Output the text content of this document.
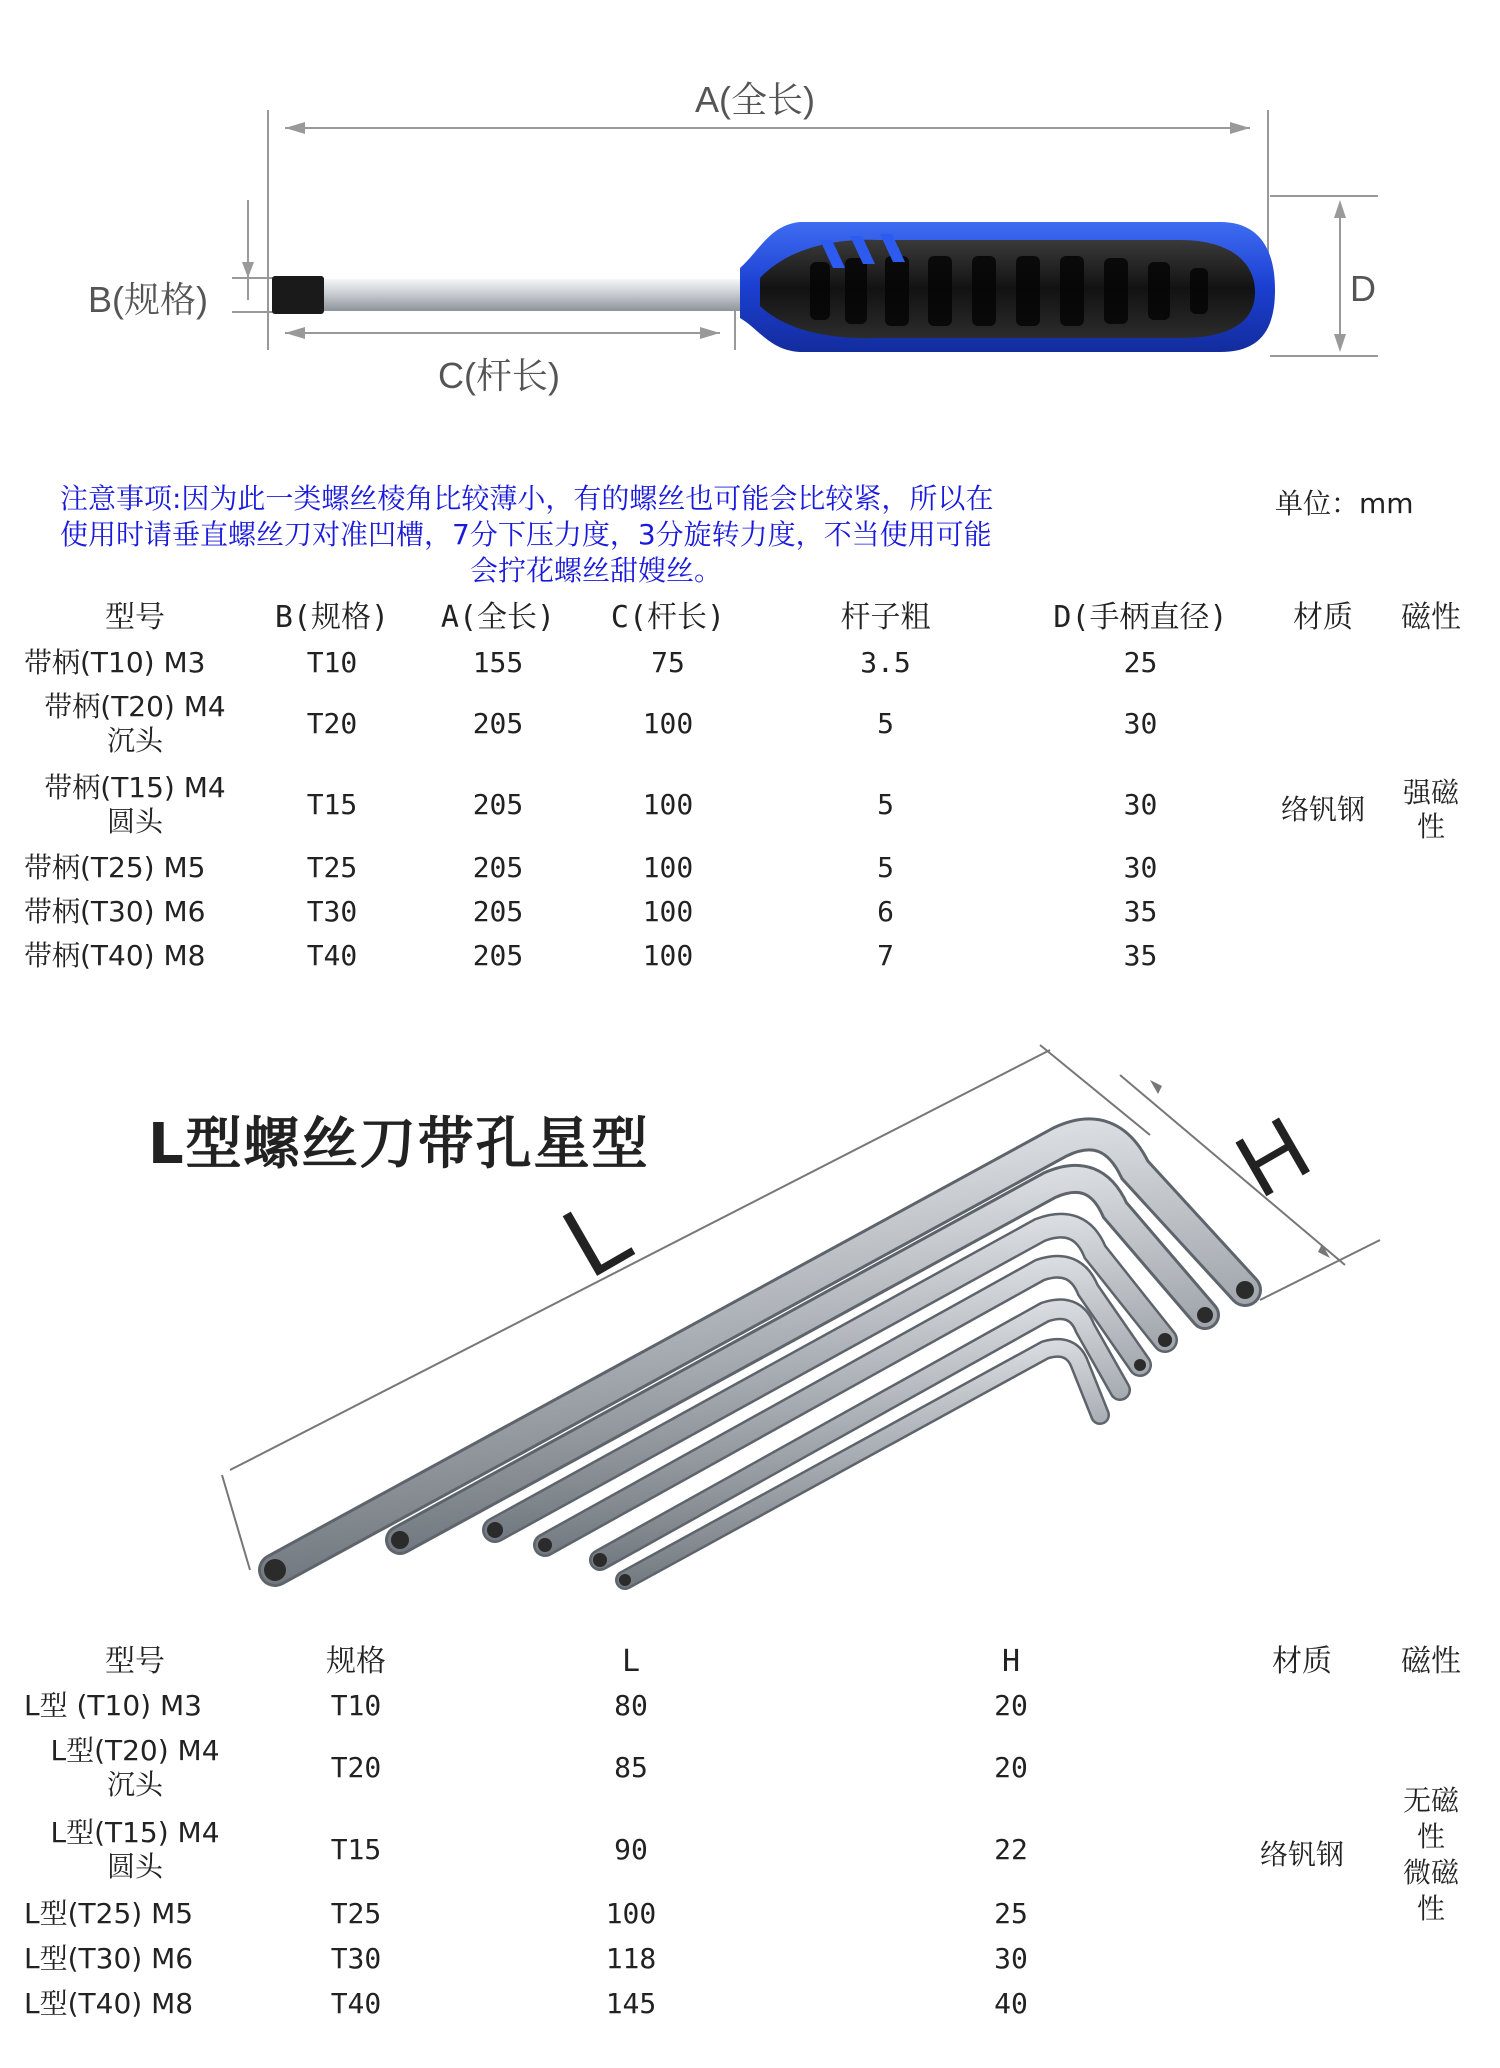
A(全长)
B(规格)
C(杆长)
D
注意事项:因为此一类螺丝棱角比较薄小，有的螺丝也可能会比较紧，所以在
使用时请垂直螺丝刀对准凹槽，7分下压力度，3分旋转力度，不当使用可能
会拧花螺丝甜嫂丝。
单位：mm
型号	B(规格)	A(全长)	C(杆长)	杆子粗	D(手柄直径)	材质	磁性
带柄(T10) M3	T10	155	75	3.5	25	络钒钢	强磁
性
带柄(T20) M4
沉头	T20	205	100	5	30		
带柄(T15) M4
圆头	T15	205	100	5	30		
带柄(T25) M5	T25	205	100	5	30		
带柄(T30) M6	T30	205	100	6	35		
带柄(T40) M8	T40	205	100	7	35		
L型螺丝刀带孔星型
L
H
型号	规格	L	H	材质	磁性
L型 (T10) M3	T10	80	20	络钒钢	无磁
性
微磁
性
L型(T20) M4
沉头	T20	85	20		
L型(T15) M4
圆头	T15	90	22		
L型(T25) M5	T25	100	25		
L型(T30) M6	T30	118	30		
L型(T40) M8	T40	145	40		
